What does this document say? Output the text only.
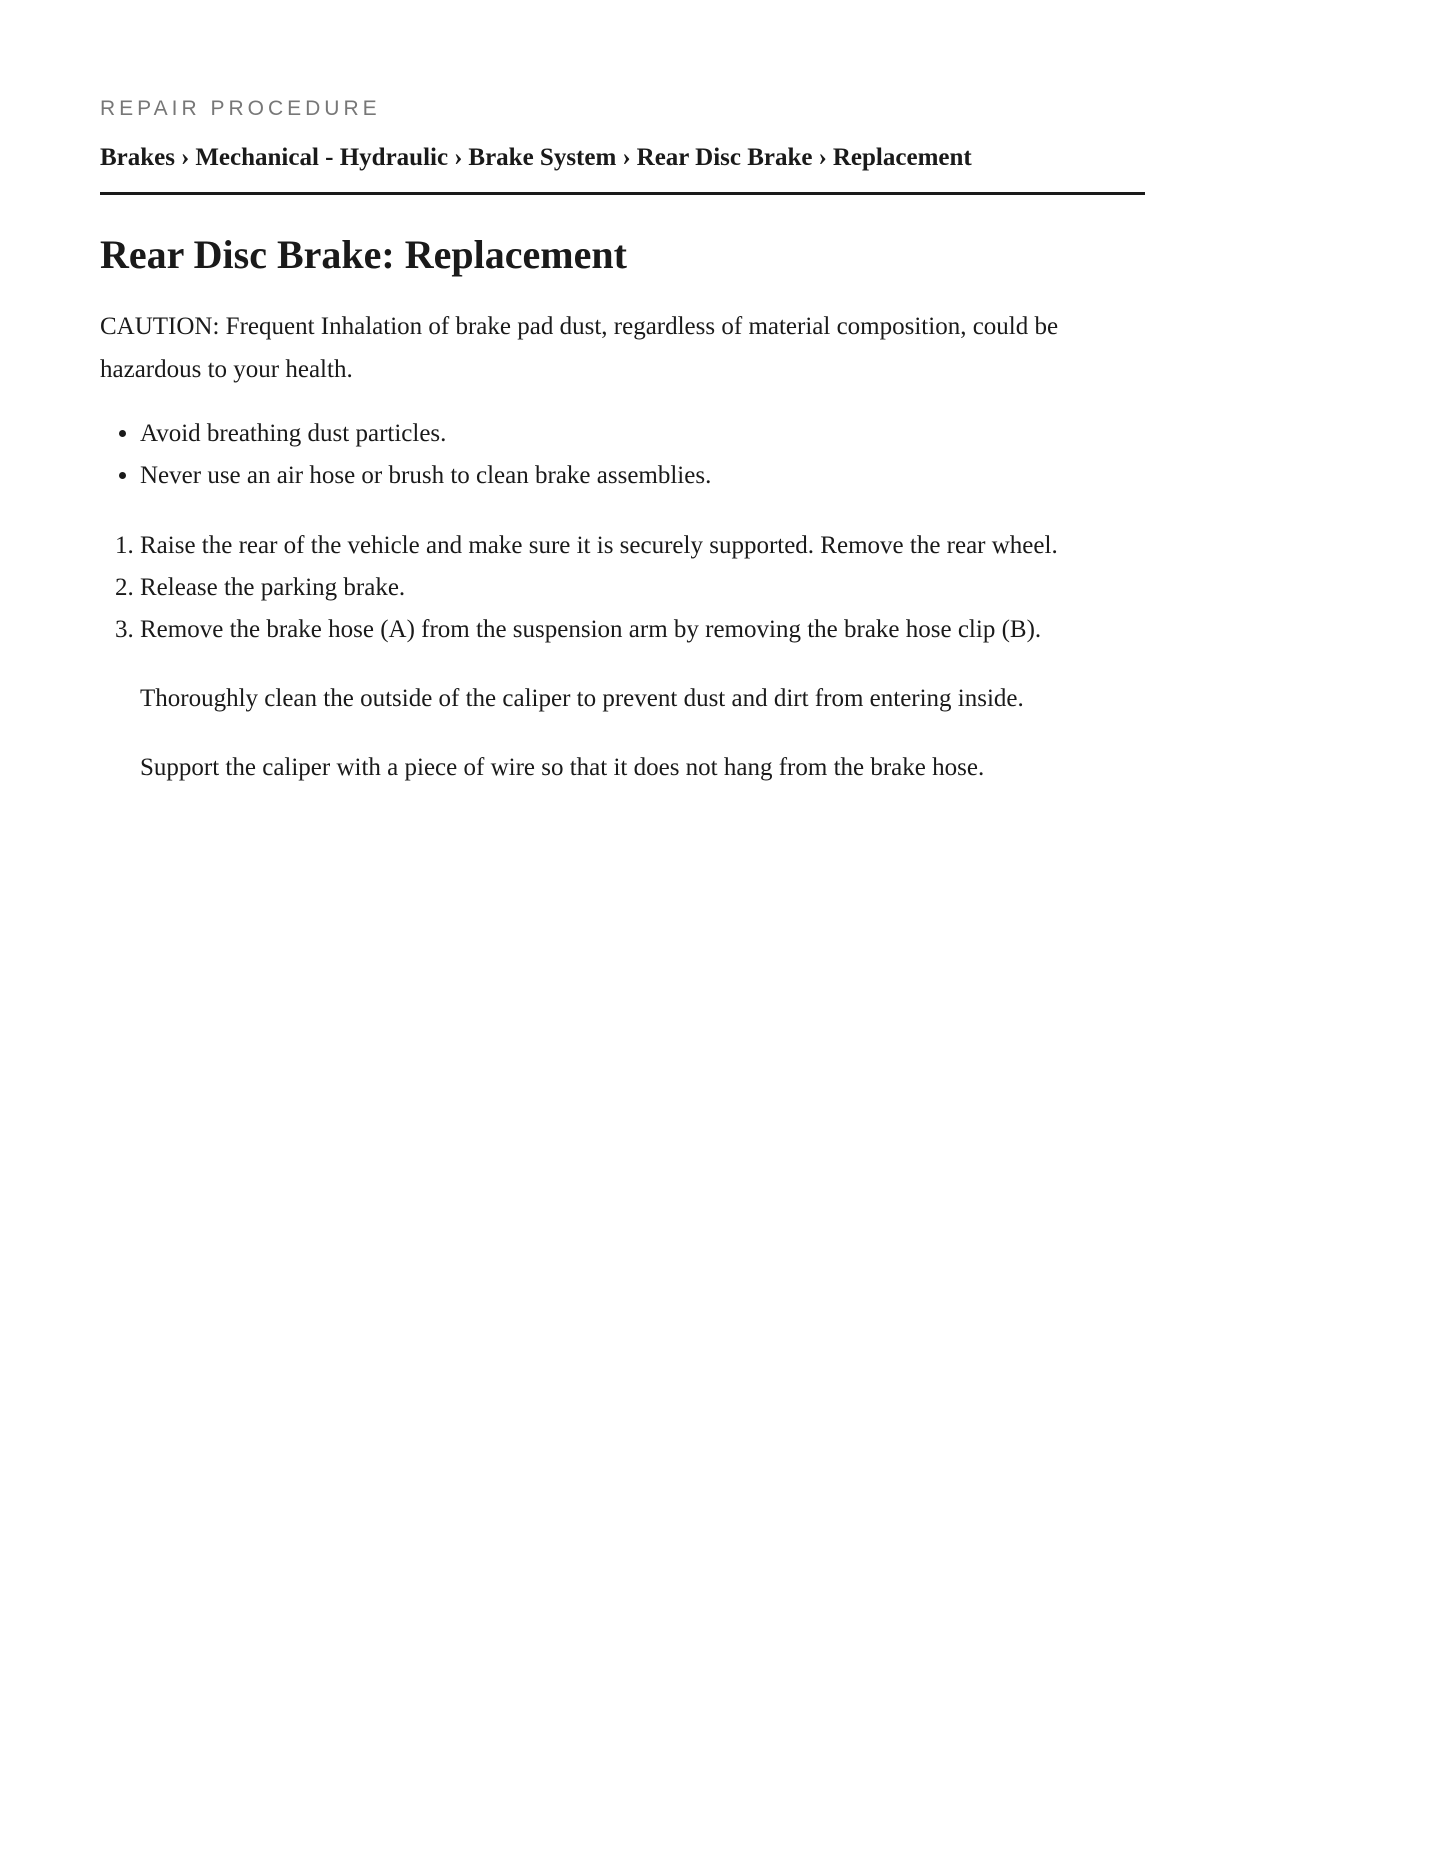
REPAIR PROCEDURE

Brakes › Mechanical - Hydraulic › Brake System › Rear Disc Brake › Replacement
Rear Disc Brake: Replacement

CAUTION: Frequent Inhalation of brake pad dust, regardless of material composition, could be hazardous to your health.

• Avoid breathing dust particles.
• Never use an air hose or brush to clean brake assemblies.
1. Raise the rear of the vehicle and make sure it is securely supported. Remove the rear wheel.
2. Release the parking brake.
3. Remove the brake hose (A) from the suspension arm by removing the brake hose clip (B).

Thoroughly clean the outside of the caliper to prevent dust and dirt from entering inside.

Support the caliper with a piece of wire so that it does not hang from the brake hose.
